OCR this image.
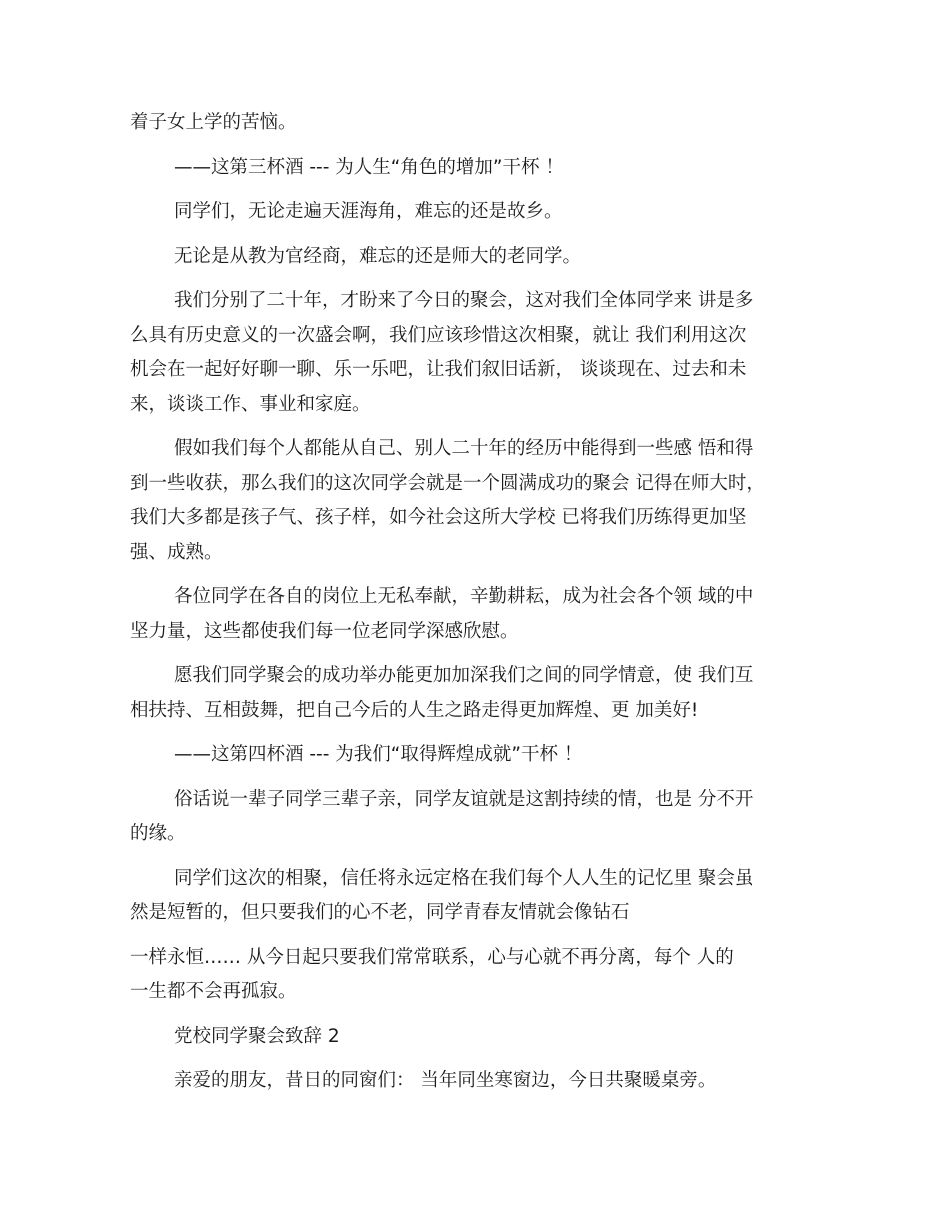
着子女上学的苦恼。
——这第三杯酒 --- 为人生“角色的增加”干杯 ！
同学们，无论走遍天涯海角，难忘的还是故乡。
无论是从教为官经商，难忘的还是师大的老同学。
我们分别了二十年，才盼来了今日的聚会，这对我们全体同学来 讲是多
么具有历史意义的一次盛会啊，我们应该珍惜这次相聚，就让 我们利用这次
机会在一起好好聊一聊、乐一乐吧，让我们叙旧话新， 谈谈现在、过去和未
来，谈谈工作、事业和家庭。
假如我们每个人都能从自己、别人二十年的经历中能得到一些感 悟和得
到一些收获，那么我们的这次同学会就是一个圆满成功的聚会 记得在师大时，
我们大多都是孩子气、孩子样，如今社会这所大学校 已将我们历练得更加坚
强、成熟。
各位同学在各自的岗位上无私奉献，辛勤耕耘，成为社会各个领 域的中
坚力量，这些都使我们每一位老同学深感欣慰。
愿我们同学聚会的成功举办能更加加深我们之间的同学情意，使 我们互
相扶持、互相鼓舞，把自己今后的人生之路走得更加辉煌、更 加美好!
——这第四杯酒 --- 为我们“取得辉煌成就”干杯 ！
俗话说一辈子同学三辈子亲，同学友谊就是这割持续的情，也是 分不开
的缘。
同学们这次的相聚，信任将永远定格在我们每个人人生的记忆里 聚会虽
然是短暂的，但只要我们的心不老，同学青春友情就会像钻石
一样永恒…… 从今日起只要我们常常联系，心与心就不再分离，每个 人的
一生都不会再孤寂。
党校同学聚会致辞 2
亲爱的朋友，昔日的同窗们： 当年同坐寒窗边，今日共聚暖桌旁。
